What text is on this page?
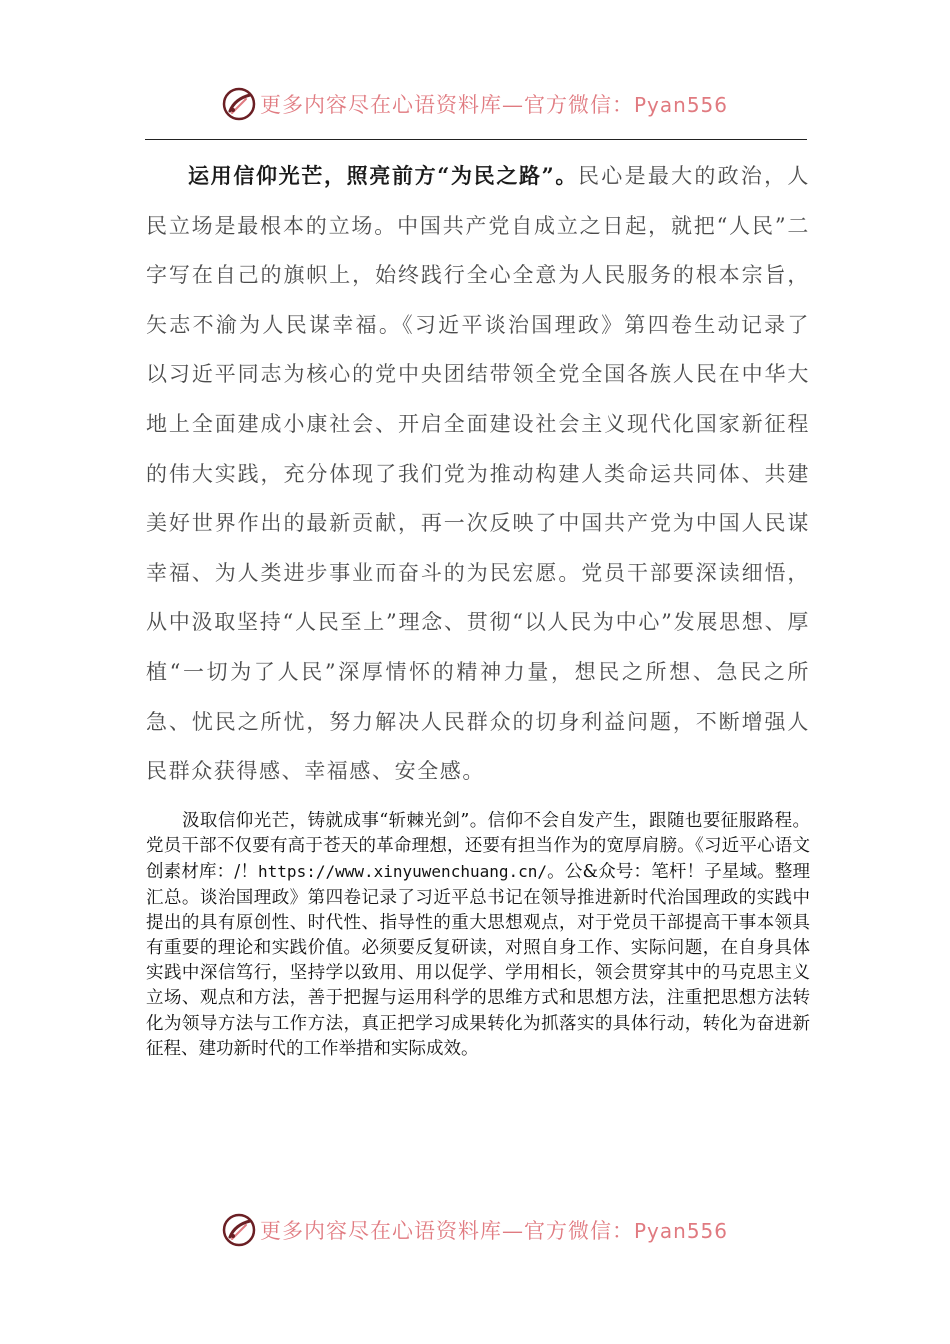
更多内容尽在心语资料库—官方微信：Pyan556

运用信仰光芒，照亮前方“为民之路”。民心是最大的政治，人民立场是最根本的立场。中国共产党自成立之日起，就把“人民”二字写在自己的旗帜上，始终践行全心全意为人民服务的根本宗旨，矢志不渝为人民谋幸福。《习近平谈治国理政》第四卷生动记录了以习近平同志为核心的党中央团结带领全党全国各族人民在中华大地上全面建成小康社会、开启全面建设社会主义现代化国家新征程的伟大实践，充分体现了我们党为推动构建人类命运共同体、共建美好世界作出的最新贡献，再一次反映了中国共产党为中国人民谋幸福、为人类进步事业而奋斗的为民宏愿。党员干部要深读细悟，从中汲取坚持“人民至上”理念、贯彻“以人民为中心”发展思想、厚植“一切为了人民”深厚情怀的精神力量，想民之所想、急民之所急、忧民之所忧，努力解决人民群众的切身利益问题，不断增强人民群众获得感、幸福感、安全感。

汲取信仰光芒，铸就成事“斩棘光剑”。信仰不会自发产生，跟随也要征服路程。党员干部不仅要有高于苍天的革命理想，还要有担当作为的宽厚肩膀。《习近平心语文创素材库：/！https://www.xinyuwenchuang.cn/。公&众号：笔杆！子星域。整理汇总。谈治国理政》第四卷记录了习近平总书记在领导推进新时代治国理政的实践中提出的具有原创性、时代性、指导性的重大思想观点，对于党员干部提高干事本领具有重要的理论和实践价值。必须要反复研读，对照自身工作、实际问题，在自身具体实践中深信笃行，坚持学以致用、用以促学、学用相长，领会贯穿其中的马克思主义立场、观点和方法，善于把握与运用科学的思维方式和思想方法，注重把思想方法转化为领导方法与工作方法，真正把学习成果转化为抓落实的具体行动，转化为奋进新征程、建功新时代的工作举措和实际成效。

更多内容尽在心语资料库—官方微信：Pyan556
